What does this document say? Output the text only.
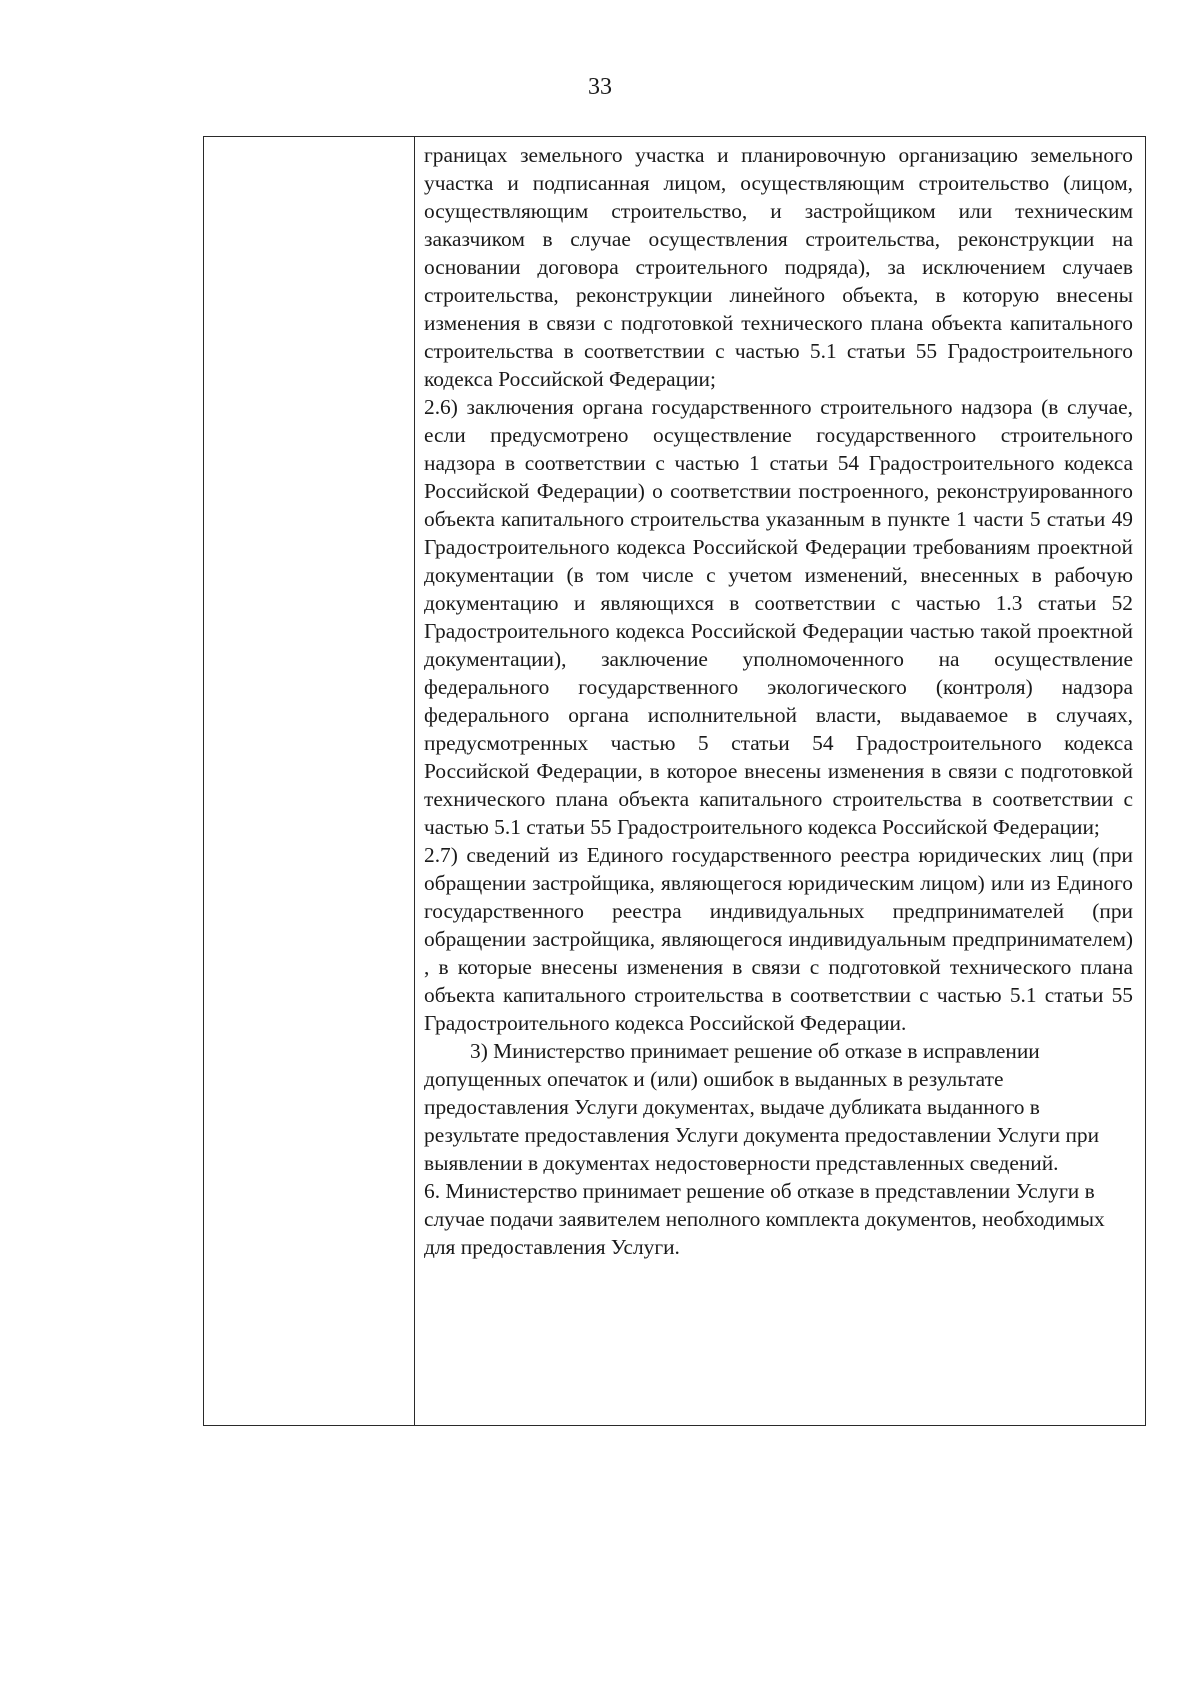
33

границах земельного участка и планировочную организацию земельного участка и подписанная лицом, осуществляющим строительство (лицом, осуществляющим строительство, и застройщиком или техническим заказчиком в случае осуществления строительства, реконструкции на основании договора строительного подряда), за исключением случаев строительства, реконструкции линейного объекта, в которую внесены изменения в связи с подготовкой технического плана объекта капитального строительства в соответствии с частью 5.1 статьи 55 Градостроительного кодекса Российской Федерации;

2.6) заключения органа государственного строительного надзора (в случае, если предусмотрено осуществление государственного строительного надзора в соответствии с частью 1 статьи 54 Градостроительного кодекса Российской Федерации) о соответствии построенного, реконструированного объекта капитального строительства указанным в пункте 1 части 5 статьи 49 Градостроительного кодекса Российской Федерации требованиям проектной документации (в том числе с учетом изменений, внесенных в рабочую документацию и являющихся в соответствии с частью 1.3 статьи 52 Градостроительного кодекса Российской Федерации частью такой проектной документации), заключение уполномоченного на осуществление федерального государственного экологического (контроля) надзора федерального органа исполнительной власти, выдаваемое в случаях, предусмотренных частью 5 статьи 54 Градостроительного кодекса Российской Федерации, в которое внесены изменения в связи с подготовкой технического плана объекта капитального строительства в соответствии с частью 5.1 статьи 55 Градостроительного кодекса Российской Федерации;

2.7) сведений из Единого государственного реестра юридических лиц (при обращении застройщика, являющегося юридическим лицом) или из Единого государственного реестра индивидуальных предпринимателей (при обращении застройщика, являющегося индивидуальным предпринимателем) , в которые внесены изменения в связи с подготовкой технического плана объекта капитального строительства в соответствии с частью 5.1 статьи 55 Градостроительного кодекса Российской Федерации.

3) Министерство принимает решение об отказе в исправлении допущенных опечаток и (или) ошибок в выданных в результате предоставления Услуги документах, выдаче дубликата выданного в результате предоставления Услуги документа предоставлении Услуги при выявлении в документах недостоверности представленных сведений.

6. Министерство принимает решение об отказе в представлении Услуги в случае подачи заявителем неполного комплекта документов, необходимых для предоставления Услуги.
